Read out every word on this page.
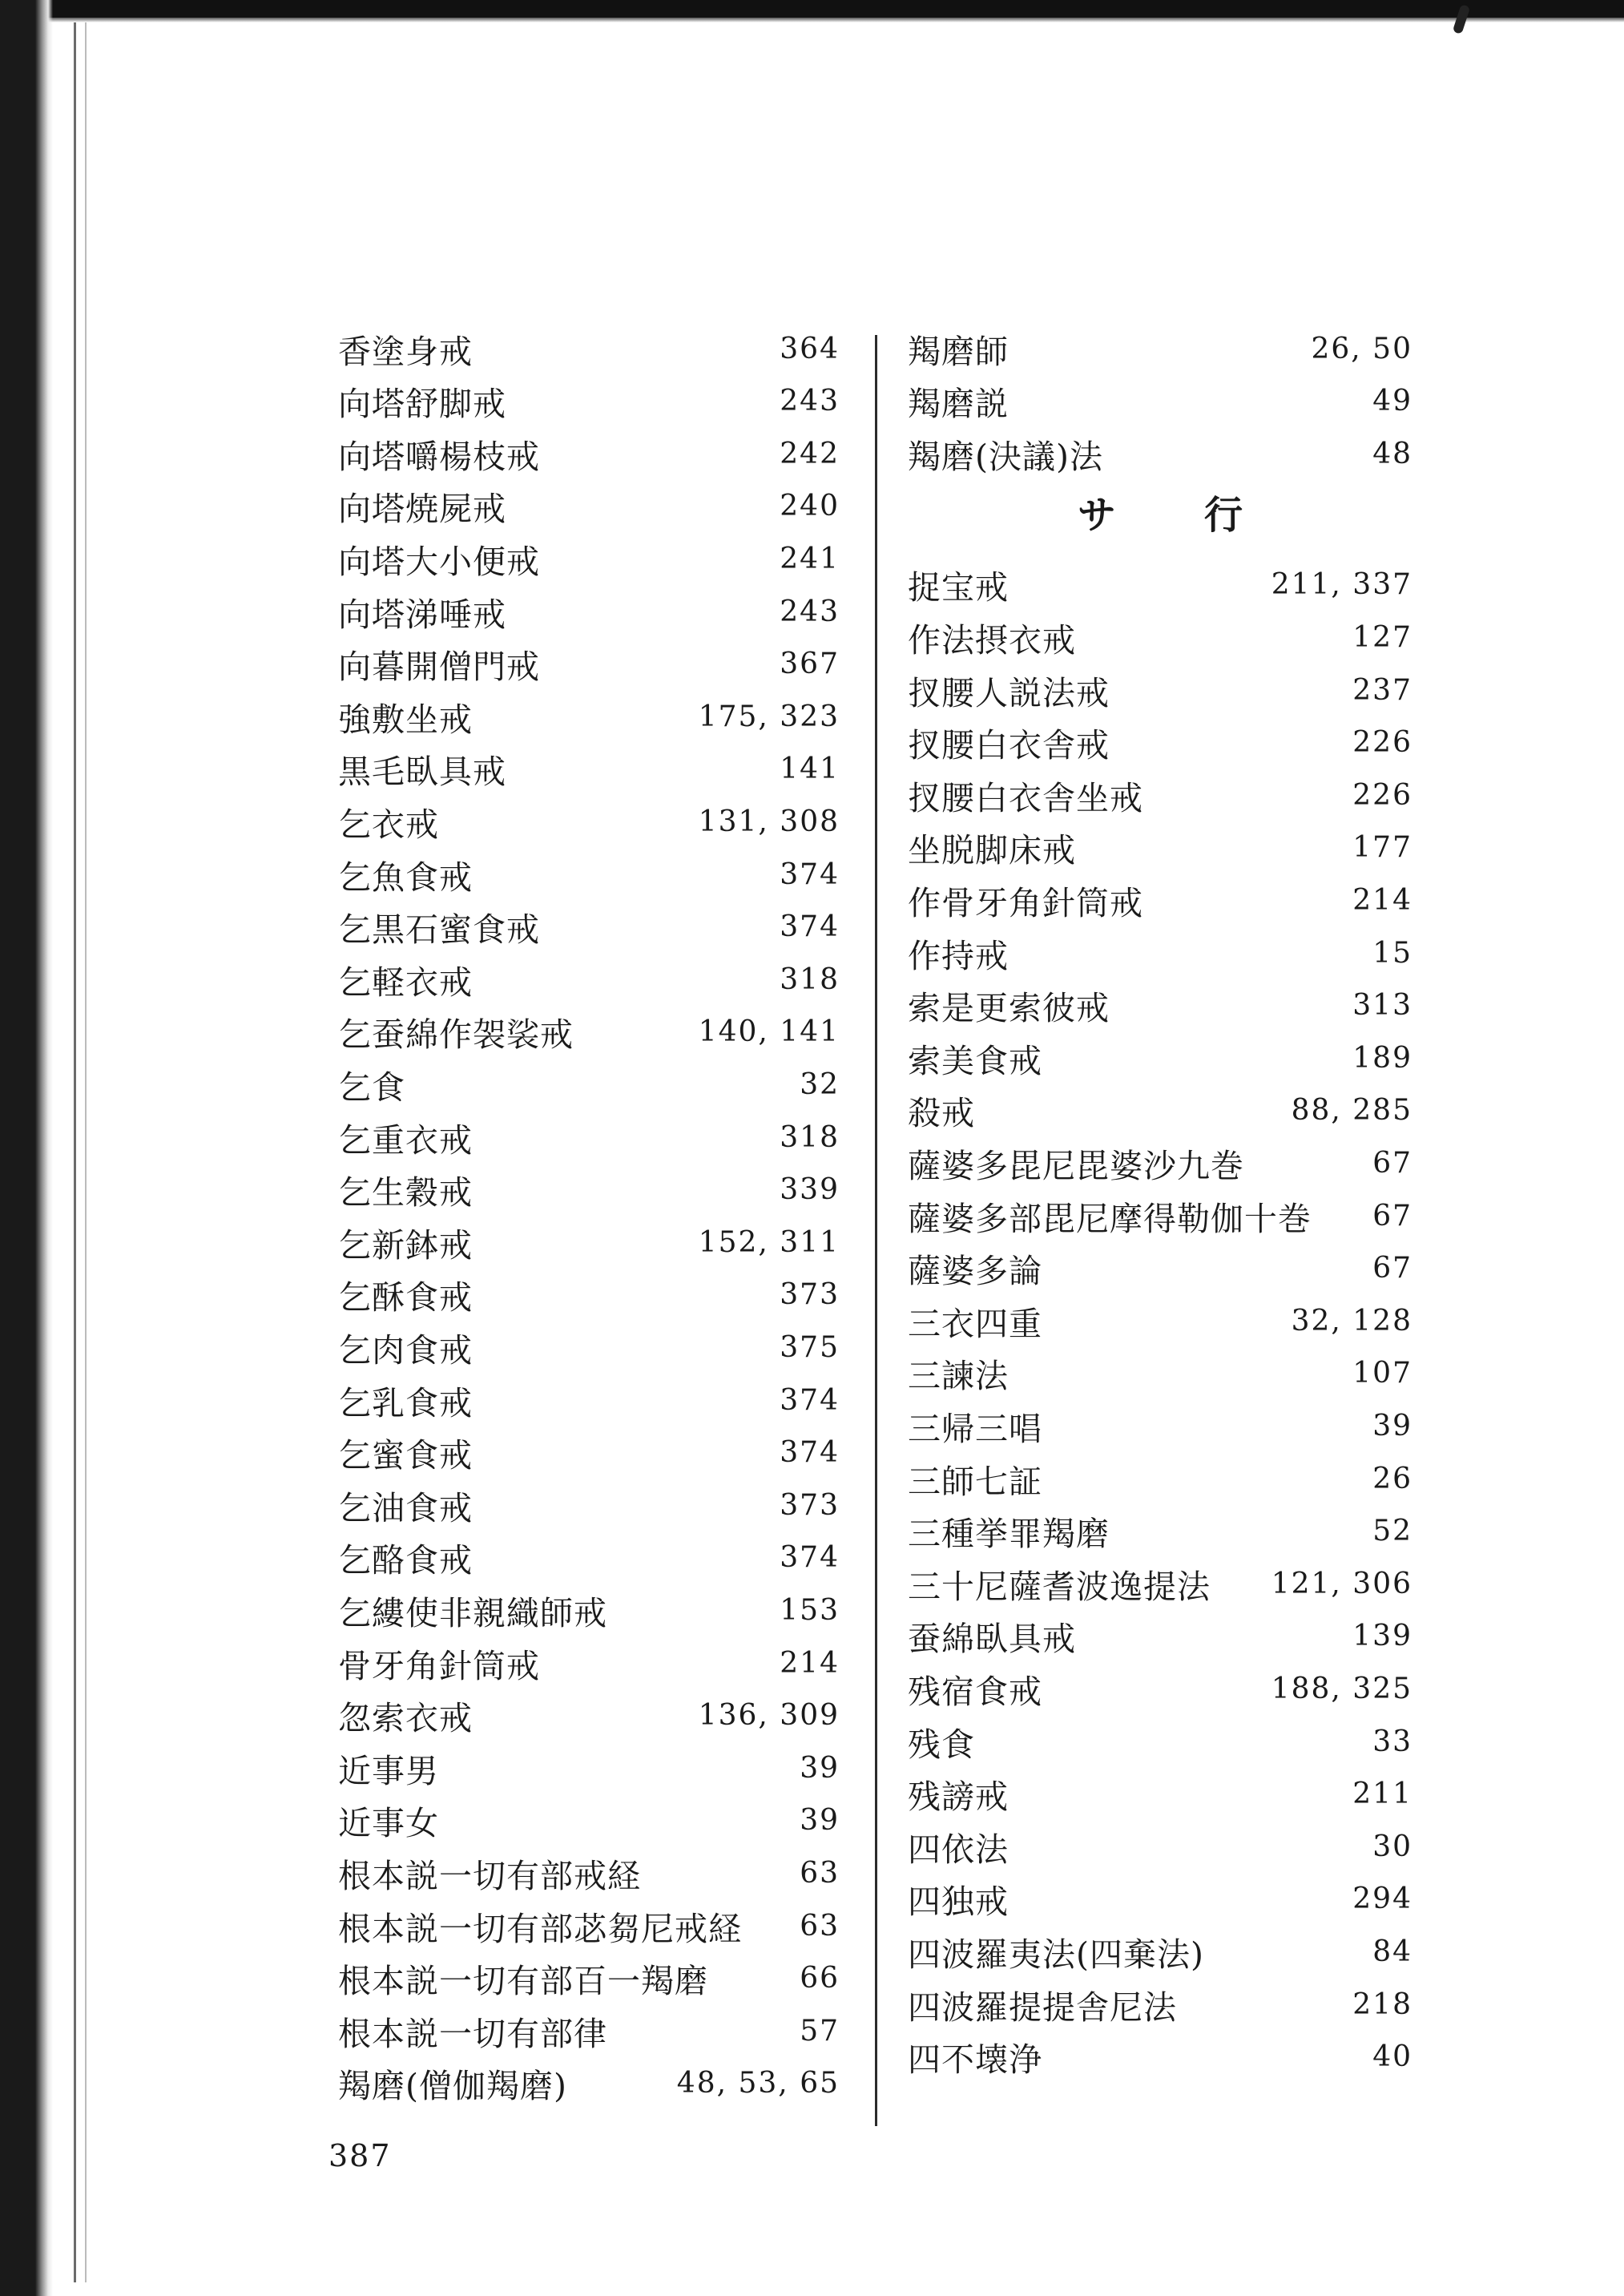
香塗身戒	364
向塔舒脚戒	243
向塔嚼楊枝戒	242
向塔焼屍戒	240
向塔大小便戒	241
向塔涕唾戒	243
向暮開僧門戒	367
強敷坐戒	175, 323
黒毛臥具戒	141
乞衣戒	131, 308
乞魚食戒	374
乞黒石蜜食戒	374
乞軽衣戒	318
乞蚕綿作袈裟戒	140, 141
乞食	32
乞重衣戒	318
乞生穀戒	339
乞新鉢戒	152, 311
乞酥食戒	373
乞肉食戒	375
乞乳食戒	374
乞蜜食戒	374
乞油食戒	373
乞酪食戒	374
乞縷使非親織師戒	153
骨牙角針筒戒	214
忽索衣戒	136, 309
近事男	39
近事女	39
根本説一切有部戒経	63
根本説一切有部苾芻尼戒経 63
根本説一切有部百一羯磨	66
根本説一切有部律	57
羯磨(僧伽羯磨)	48, 53, 65
羯磨師	26, 50
羯磨説	49
羯磨(決議)法	48
サ 行
捉宝戒	211, 337
作法摂衣戒	127
扠腰人説法戒	237
扠腰白衣舎戒	226
扠腰白衣舎坐戒	226
坐脱脚床戒	177
作骨牙角針筒戒	214
作持戒	15
索是更索彼戒	313
索美食戒	189
殺戒	88, 285
薩婆多毘尼毘婆沙九巻	67
薩婆多部毘尼摩得勒伽十巻 67
薩婆多論	67
三衣四重	32, 128
三諫法	107
三帰三唱	39
三師七証	26
三種挙罪羯磨	52
三十尼薩耆波逸提法 121, 306
蚕綿臥具戒	139
残宿食戒	188, 325
残食	33
残謗戒	211
四依法	30
四独戒	294
四波羅夷法(四棄法)	84
四波羅提提舎尼法	218
四不壊浄	40
387
